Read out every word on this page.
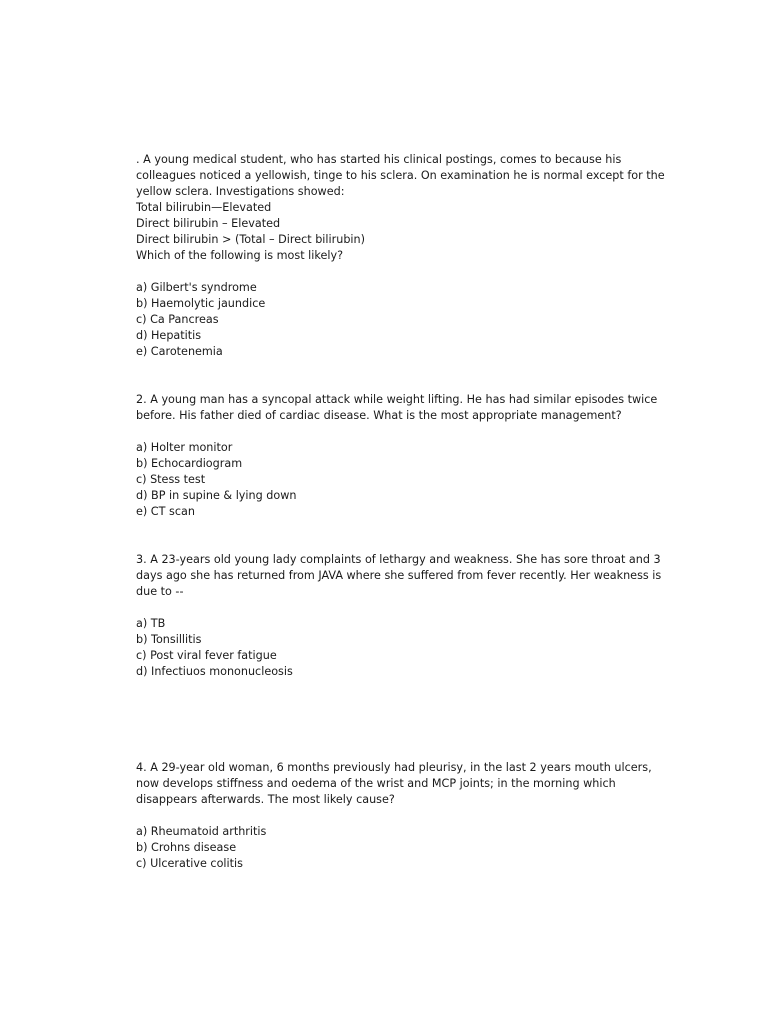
. A young medical student, who has started his clinical postings, comes to because his
colleagues noticed a yellowish, tinge to his sclera. On examination he is normal except for the
yellow sclera. Investigations showed:
Total bilirubin—Elevated
Direct bilirubin – Elevated
Direct bilirubin > (Total – Direct bilirubin)
Which of the following is most likely?
a) Gilbert's syndrome
b) Haemolytic jaundice
c) Ca Pancreas
d) Hepatitis
e) Carotenemia
2. A young man has a syncopal attack while weight lifting. He has had similar episodes twice
before. His father died of cardiac disease. What is the most appropriate management?
a) Holter monitor
b) Echocardiogram
c) Stess test
d) BP in supine & lying down
e) CT scan
3. A 23-years old young lady complaints of lethargy and weakness. She has sore throat and 3
days ago she has returned from JAVA where she suffered from fever recently. Her weakness is
due to --
a) TB
b) Tonsillitis
c) Post viral fever fatigue
d) Infectiuos mononucleosis
4. A 29-year old woman, 6 months previously had pleurisy, in the last 2 years mouth ulcers,
now develops stiffness and oedema of the wrist and MCP joints; in the morning which
disappears afterwards. The most likely cause?
a) Rheumatoid arthritis
b) Crohns disease
c) Ulcerative colitis
